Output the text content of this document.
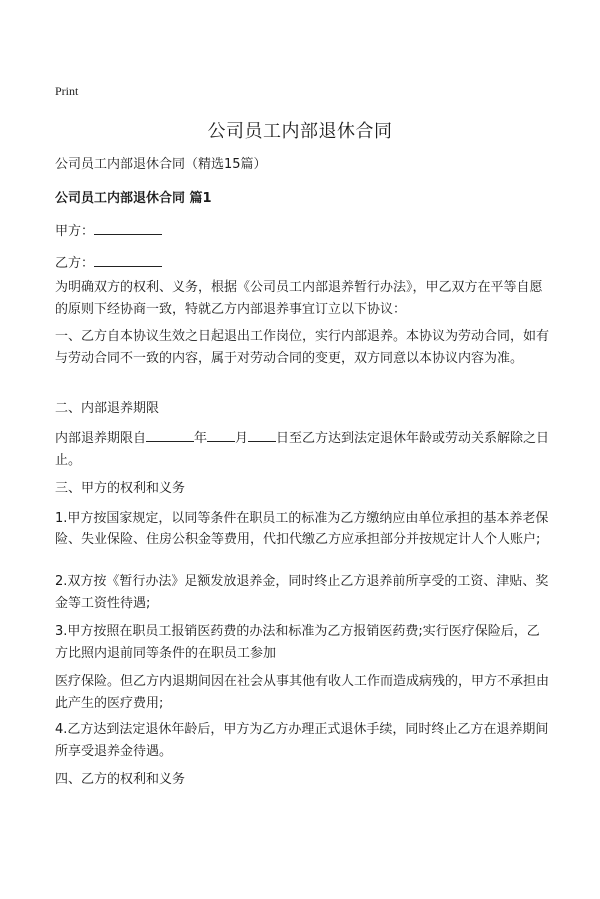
Print
公司员工内部退休合同
公司员工内部退休合同（精选15篇）
公司员工内部退休合同 篇1
甲方：
乙方：

为明确双方的权利、义务，根据《公司员工内部退养暂行办法》，甲乙双方在平等自愿的原则下经协商一致，特就乙方内部退养事宜订立以下协议：

一、乙方自本协议生效之日起退出工作岗位，实行内部退养。本协议为劳动合同，如有与劳动合同不一致的内容，属于对劳动合同的变更，双方同意以本协议内容为准。

二、内部退养期限

内部退养期限自	年 月 日至乙方达到法定退休年龄或劳动关系解除之日止。

三、甲方的权利和义务

1.甲方按国家规定，以同等条件在职员工的标准为乙方缴纳应由单位承担的基本养老保险、失业保险、住房公积金等费用，代扣代缴乙方应承担部分并按规定计人个人账户;

2.双方按《暂行办法》足额发放退养金，同时终止乙方退养前所享受的工资、津贴、奖金等工资性待遇;

3.甲方按照在职员工报销医药费的办法和标准为乙方报销医药费;实行医疗保险后，乙方比照内退前同等条件的在职员工参加

医疗保险。但乙方内退期间因在社会从事其他有收人工作而造成病残的，甲方不承担由此产生的医疗费用;

4.乙方达到法定退休年龄后，甲方为乙方办理正式退休手续，同时终止乙方在退养期间所享受退养金待遇。

四、乙方的权利和义务
